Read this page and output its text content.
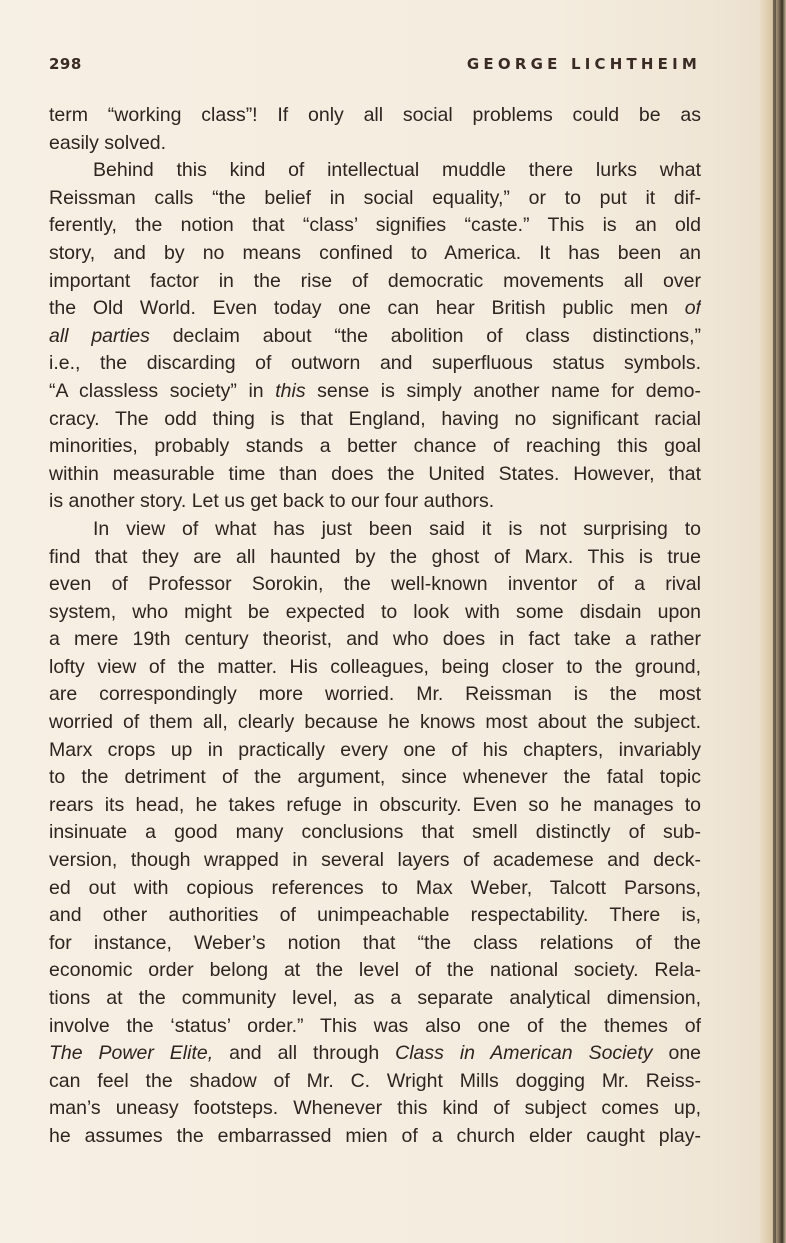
298	GEORGE LICHTHEIM
term “working class”! If only all social problems could be as
easily solved.
Behind this kind of intellectual muddle there lurks what
Reissman calls “the belief in social equality,” or to put it dif-
ferently, the notion that “class’ signifies “caste.” This is an old
story, and by no means confined to America. It has been an
important factor in the rise of democratic movements all over
the Old World. Even today one can hear British public men of
all parties declaim about “the abolition of class distinctions,”
i.e., the discarding of outworn and superfluous status symbols.
“A classless society” in this sense is simply another name for demo-
cracy. The odd thing is that England, having no significant racial
minorities, probably stands a better chance of reaching this goal
within measurable time than does the United States. However, that
is another story. Let us get back to our four authors.
In view of what has just been said it is not surprising to
find that they are all haunted by the ghost of Marx. This is true
even of Professor Sorokin, the well-known inventor of a rival
system, who might be expected to look with some disdain upon
a mere 19th century theorist, and who does in fact take a rather
lofty view of the matter. His colleagues, being closer to the ground,
are correspondingly more worried. Mr. Reissman is the most
worried of them all, clearly because he knows most about the subject.
Marx crops up in practically every one of his chapters, invariably
to the detriment of the argument, since whenever the fatal topic
rears its head, he takes refuge in obscurity. Even so he manages to
insinuate a good many conclusions that smell distinctly of sub-
version, though wrapped in several layers of academese and deck-
ed out with copious references to Max Weber, Talcott Parsons,
and other authorities of unimpeachable respectability. There is,
for instance, Weber’s notion that “the class relations of the
economic order belong at the level of the national society. Rela-
tions at the community level, as a separate analytical dimension,
involve the ‘status’ order.” This was also one of the themes of
The Power Elite, and all through Class in American Society one
can feel the shadow of Mr. C. Wright Mills dogging Mr. Reiss-
man’s uneasy footsteps. Whenever this kind of subject comes up,
he assumes the embarrassed mien of a church elder caught play-
